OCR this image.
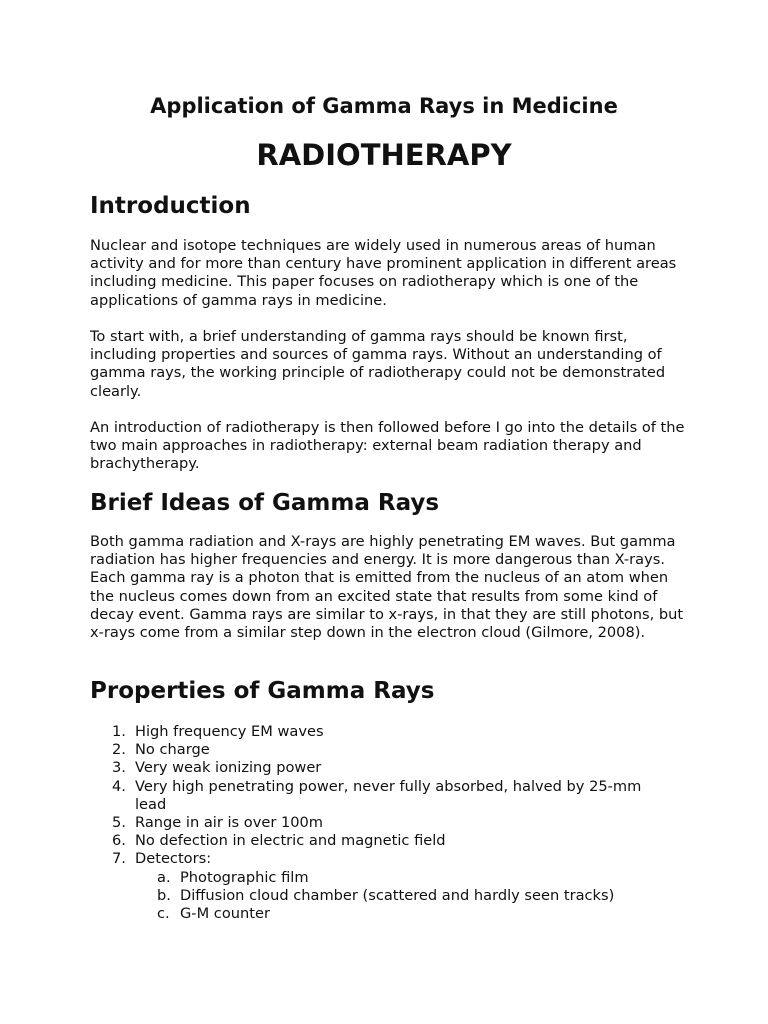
Application of Gamma Rays in Medicine
RADIOTHERAPY
Introduction

Nuclear and isotope techniques are widely used in numerous areas of human activity and for more than century have prominent application in different areas including medicine. This paper focuses on radiotherapy which is one of the applications of gamma rays in medicine.

To start with, a brief understanding of gamma rays should be known first, including properties and sources of gamma rays. Without an understanding of gamma rays, the working principle of radiotherapy could not be demonstrated clearly.

An introduction of radiotherapy is then followed before I go into the details of the two main approaches in radiotherapy: external beam radiation therapy and brachytherapy.

Brief Ideas of Gamma Rays

Both gamma radiation and X-rays are highly penetrating EM waves. But gamma radiation has higher frequencies and energy. It is more dangerous than X-rays. Each gamma ray is a photon that is emitted from the nucleus of an atom when the nucleus comes down from an excited state that results from some kind of decay event. Gamma rays are similar to x-rays, in that they are still photons, but x-rays come from a similar step down in the electron cloud (Gilmore, 2008).

Properties of Gamma Rays
1. High frequency EM waves
2. No charge
3. Very weak ionizing power
4. Very high penetrating power, never fully absorbed, halved by 25-mm lead
5. Range in air is over 100m
6. No defection in electric and magnetic field
7. Detectors:
a. Photographic film
b. Diffusion cloud chamber (scattered and hardly seen tracks)
c. G-M counter
